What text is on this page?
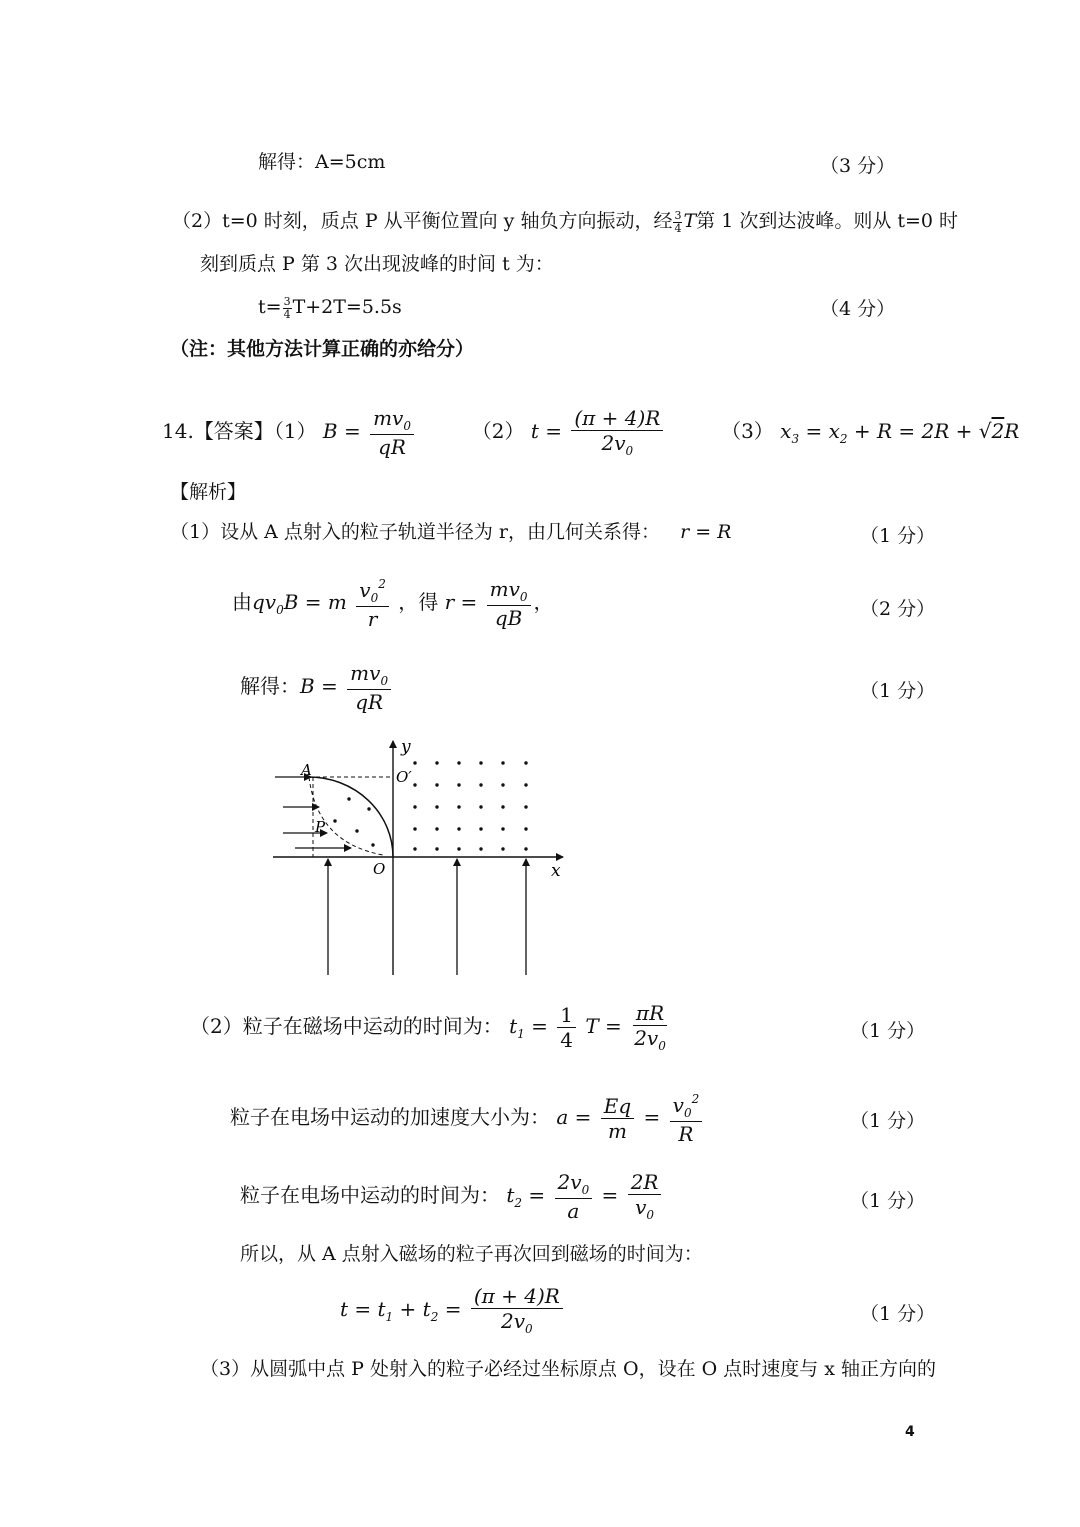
解得：A=5cm	（3 分）
（2）t=0 时刻，质点 P 从平衡位置向 y 轴负方向振动，经 $\frac{3}{4}$ T第 1 次到达波峰。则从 t=0 时
刻到质点 P 第 3 次出现波峰的时间 t 为：
$t= \frac{3}{4} T+2T=5.5s$	（4 分）
（注：其他方法计算正确的亦给分）
14.【答案】（1） $B = \frac{mv_0}{qR}$	（2） $t = \frac{(\pi + 4)R}{2v_0}$	（3） $x_3 = x_2 + R = 2R + √2R$
【解析】
（1）设从 A 点射入的粒子轨道半径为 r，由几何关系得： r = R	（1 分）
由$qv_0B = m \frac{v_0^2}{r}$ ，得 $r = \frac{mv_0}{qB}$ ，	（2 分）
解得：$B = \frac{mv_0}{qR}$	（1 分）
y
x
A	O′
P
O
（2）粒子在磁场中运动的时间为： $t_1 = \frac{1}{4}$ $T = \frac{\pi R}{2v_0}$	（1 分）
粒子在电场中运动的加速度大小为： $a = \frac{Eq}{m} = \frac{v_0^2}{R}$	（1 分）
粒子在电场中运动的时间为： $t_2 = \frac{2v_0}{a} = \frac{2R}{v_0}$	（1 分）
所以，从 A 点射入磁场的粒子再次回到磁场的时间为：
$t = t_1 + t_2 = \frac{(\pi + 4)R}{2v_0}$	（1 分）
（3）从圆弧中点 P 处射入的粒子必经过坐标原点 O，设在 O 点时速度与 x 轴正方向的
4
